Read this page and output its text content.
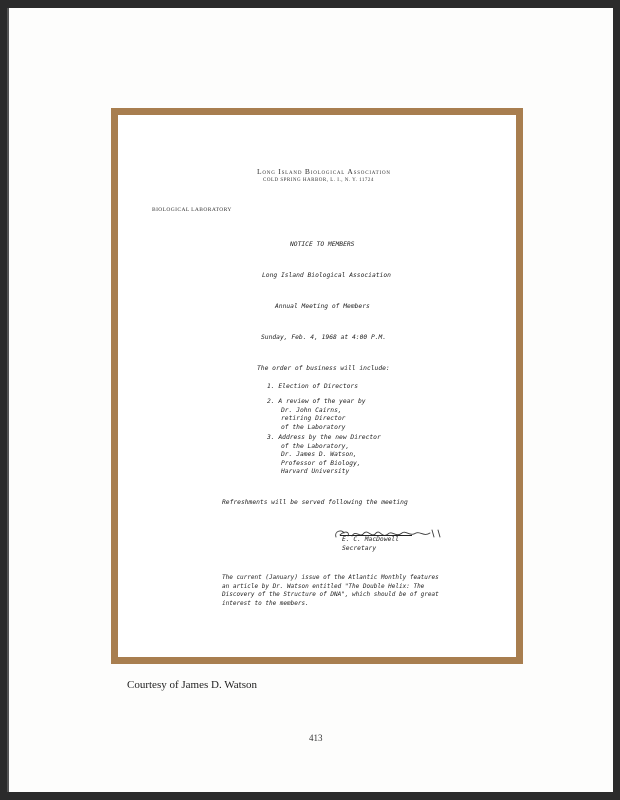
Long Island Biological Association
COLD SPRING HARBOR, L. I., N. Y. 11724
BIOLOGICAL LABORATORY
NOTICE TO MEMBERS
Long Island Biological Association
Annual Meeting of Members
Sunday, Feb. 4, 1968 at 4:00 P.M.
The order of business will include:
1. Election of Directors
2. A review of the year by
Dr. John Cairns,
retiring Director
of the Laboratory
3. Address by the new Director
of the Laboratory,
Dr. James D. Watson,
Professor of Biology,
Harvard University
Refreshments will be served following the meeting
E. C. MacDowell
Secretary
The current (January) issue of the Atlantic Monthly features
an article by Dr. Watson entitled "The Double Helix: The
Discovery of the Structure of DNA", which should be of great
interest to the members.
Courtesy of James D. Watson
413
